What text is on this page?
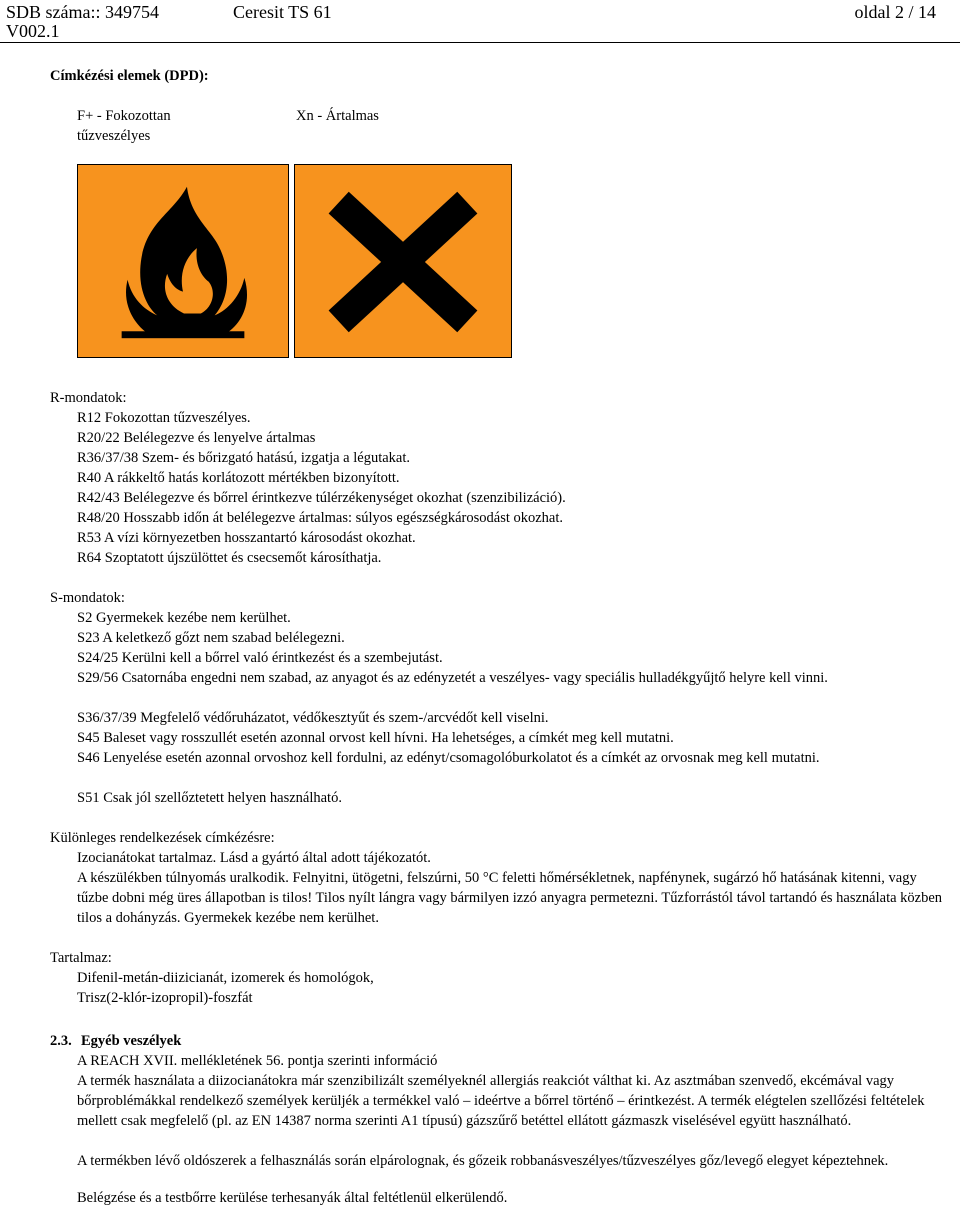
SDB száma:: 349754	Ceresit TS 61	oldal 2 / 14
V002.1
Címkézési elemek (DPD):
F+ - Fokozottan
tűzveszélyes
Xn - Ártalmas
R-mondatok:
R12 Fokozottan tűzveszélyes.
R20/22 Belélegezve és lenyelve ártalmas
R36/37/38 Szem- és bőrizgató hatású, izgatja a légutakat.
R40 A rákkeltő hatás korlátozott mértékben bizonyított.
R42/43 Belélegezve és bőrrel érintkezve túlérzékenységet okozhat (szenzibilizáció).
R48/20 Hosszabb időn át belélegezve ártalmas: súlyos egészségkárosodást okozhat.
R53 A vízi környezetben hosszantartó károsodást okozhat.
R64 Szoptatott újszülöttet és csecsemőt károsíthatja.
S-mondatok:
S2 Gyermekek kezébe nem kerülhet.
S23 A keletkező gőzt nem szabad belélegezni.
S24/25 Kerülni kell a bőrrel való érintkezést és a szembejutást.
S29/56 Csatornába engedni nem szabad, az anyagot és az edényzetét a veszélyes- vagy speciális hulladékgyűjtő helyre kell vinni.
S36/37/39 Megfelelő védőruházatot, védőkesztyűt és szem-/arcvédőt kell viselni.
S45 Baleset vagy rosszullét esetén azonnal orvost kell hívni. Ha lehetséges, a címkét meg kell mutatni.
S46 Lenyelése esetén azonnal orvoshoz kell fordulni, az edényt/csomagolóburkolatot és a címkét az orvosnak meg kell mutatni.
S51 Csak jól szellőztetett helyen használható.
Különleges rendelkezések címkézésre:
Izocianátokat tartalmaz. Lásd a gyártó által adott tájékozatót.
A készülékben túlnyomás uralkodik. Felnyitni, ütögetni, felszúrni, 50 °C feletti hőmérsékletnek, napfénynek, sugárzó hő hatásának kitenni, vagy tűzbe dobni még üres állapotban is tilos! Tilos nyílt lángra vagy bármilyen izzó anyagra permetezni. Tűzforrástól távol tartandó és használata közben tilos a dohányzás. Gyermekek kezébe nem kerülhet.
Tartalmaz:
Difenil-metán-diizicianát, izomerek és homológok,
Trisz(2-klór-izopropil)-foszfát
2.3. Egyéb veszélyek
A REACH XVII. mellékletének 56. pontja szerinti információ
A termék használata a diizocianátokra már szenzibilizált személyeknél allergiás reakciót válthat ki. Az asztmában szenvedő, ekcémával vagy bőrproblémákkal rendelkező személyek kerüljék a termékkel való – ideértve a bőrrel történő – érintkezést. A termék elégtelen szellőzési feltételek mellett csak megfelelő (pl. az EN 14387 norma szerinti A1 típusú) gázszűrő betéttel ellátott gázmaszk viselésével együtt használható.
A termékben lévő oldószerek a felhasználás során elpárolognak, és gőzeik robbanásveszélyes/tűzveszélyes gőz/levegő elegyet képeztehnek.
Belégzése és a testbőrre kerülése terhesanyák által feltétlenül elkerülendő.
